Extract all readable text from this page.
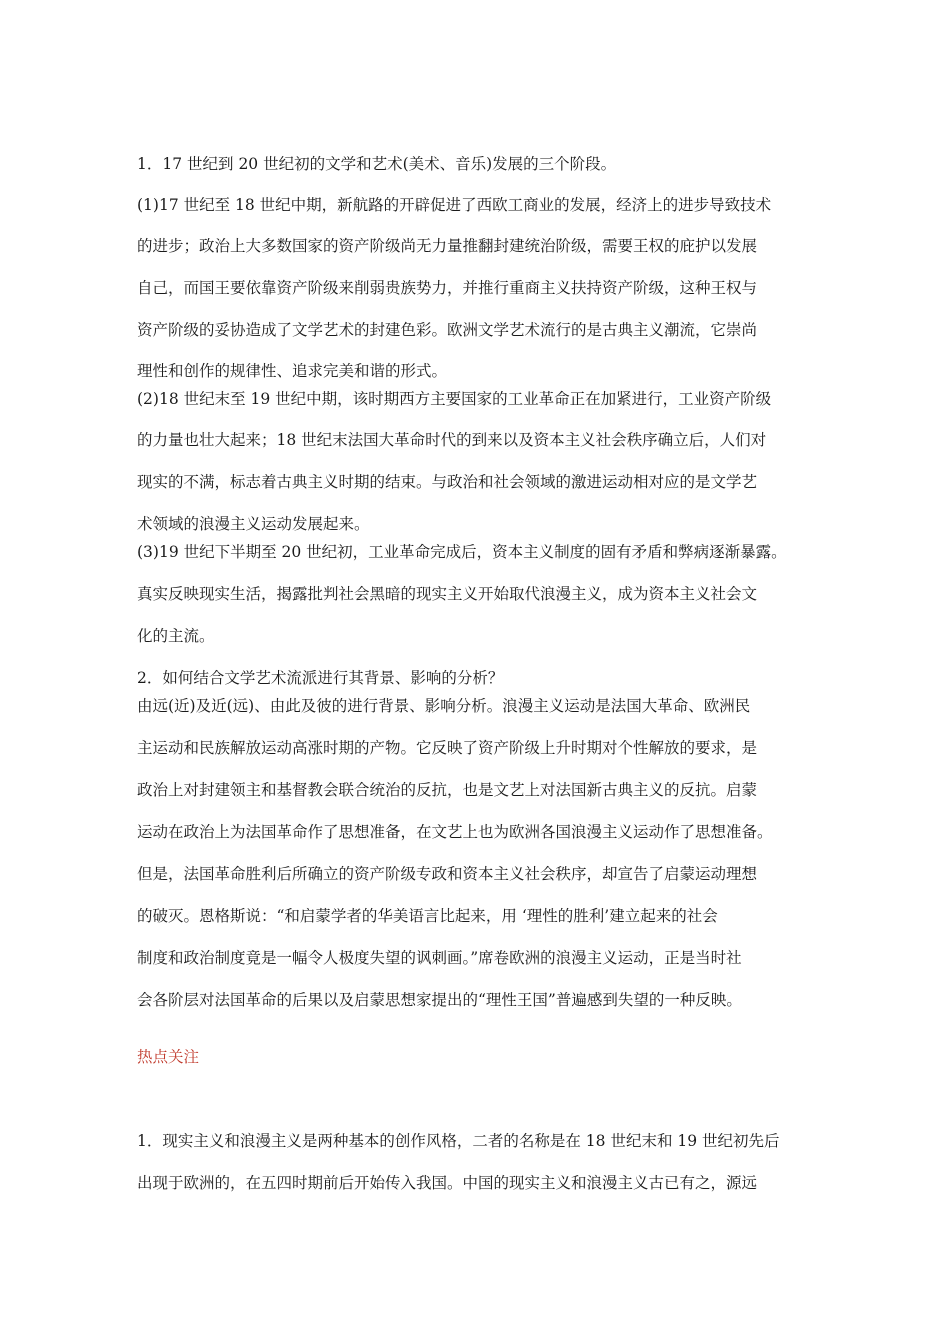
1．17 世纪到 20 世纪初的文学和艺术(美术、音乐)发展的三个阶段。
(1)17 世纪至 18 世纪中期，新航路的开辟促进了西欧工商业的发展，经济上的进步导致技术
的进步；政治上大多数国家的资产阶级尚无力量推翻封建统治阶级，需要王权的庇护以发展
自己，而国王要依靠资产阶级来削弱贵族势力，并推行重商主义扶持资产阶级，这种王权与
资产阶级的妥协造成了文学艺术的封建色彩。欧洲文学艺术流行的是古典主义潮流，它崇尚
理性和创作的规律性、追求完美和谐的形式。
(2)18 世纪末至 19 世纪中期，该时期西方主要国家的工业革命正在加紧进行，工业资产阶级
的力量也壮大起来；18 世纪末法国大革命时代的到来以及资本主义社会秩序确立后，人们对
现实的不满，标志着古典主义时期的结束。与政治和社会领域的激进运动相对应的是文学艺
术领域的浪漫主义运动发展起来。
(3)19 世纪下半期至 20 世纪初，工业革命完成后，资本主义制度的固有矛盾和弊病逐渐暴露。
真实反映现实生活，揭露批判社会黑暗的现实主义开始取代浪漫主义，成为资本主义社会文
化的主流。
2．如何结合文学艺术流派进行其背景、影响的分析？
由远(近)及近(远)、由此及彼的进行背景、影响分析。浪漫主义运动是法国大革命、欧洲民
主运动和民族解放运动高涨时期的产物。它反映了资产阶级上升时期对个性解放的要求，是
政治上对封建领主和基督教会联合统治的反抗，也是文艺上对法国新古典主义的反抗。启蒙
运动在政治上为法国革命作了思想准备，在文艺上也为欧洲各国浪漫主义运动作了思想准备。
但是，法国革命胜利后所确立的资产阶级专政和资本主义社会秩序，却宣告了启蒙运动理想
的破灭。恩格斯说：“和启蒙学者的华美语言比起来，用 ‘理性的胜利’建立起来的社会
制度和政治制度竟是一幅令人极度失望的讽刺画。”席卷欧洲的浪漫主义运动，正是当时社
会各阶层对法国革命的后果以及启蒙思想家提出的“理性王国”普遍感到失望的一种反映。
热点关注
1．现实主义和浪漫主义是两种基本的创作风格，二者的名称是在 18 世纪末和 19 世纪初先后
出现于欧洲的，在五四时期前后开始传入我国。中国的现实主义和浪漫主义古已有之，源远
